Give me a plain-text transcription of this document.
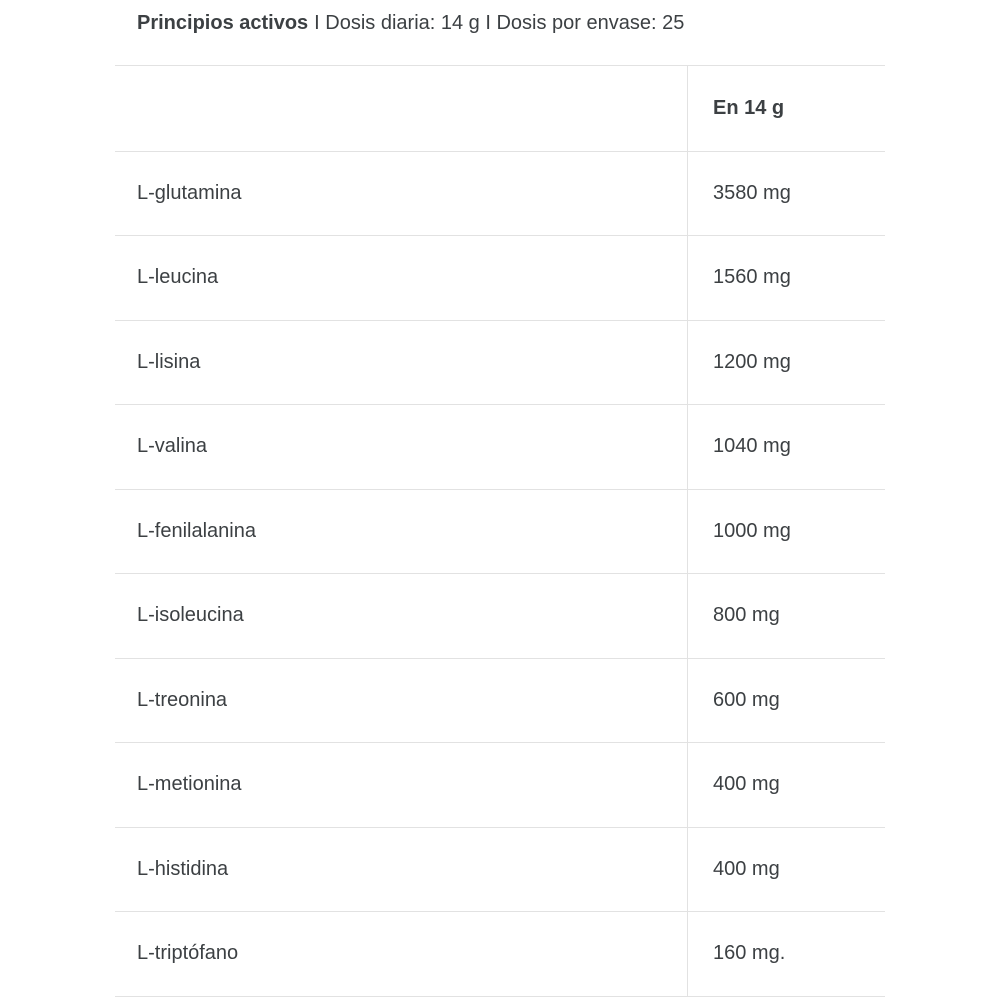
Principios activos I Dosis diaria: 14 g I Dosis por envase: 25
En 14 g
L-glutamina	3580 mg
L-leucina	1560 mg
L-lisina	1200 mg
L-valina	1040 mg
L-fenilalanina	1000 mg
L-isoleucina	800 mg
L-treonina	600 mg
L-metionina	400 mg
L-histidina	400 mg
L-triptófano	160 mg.
